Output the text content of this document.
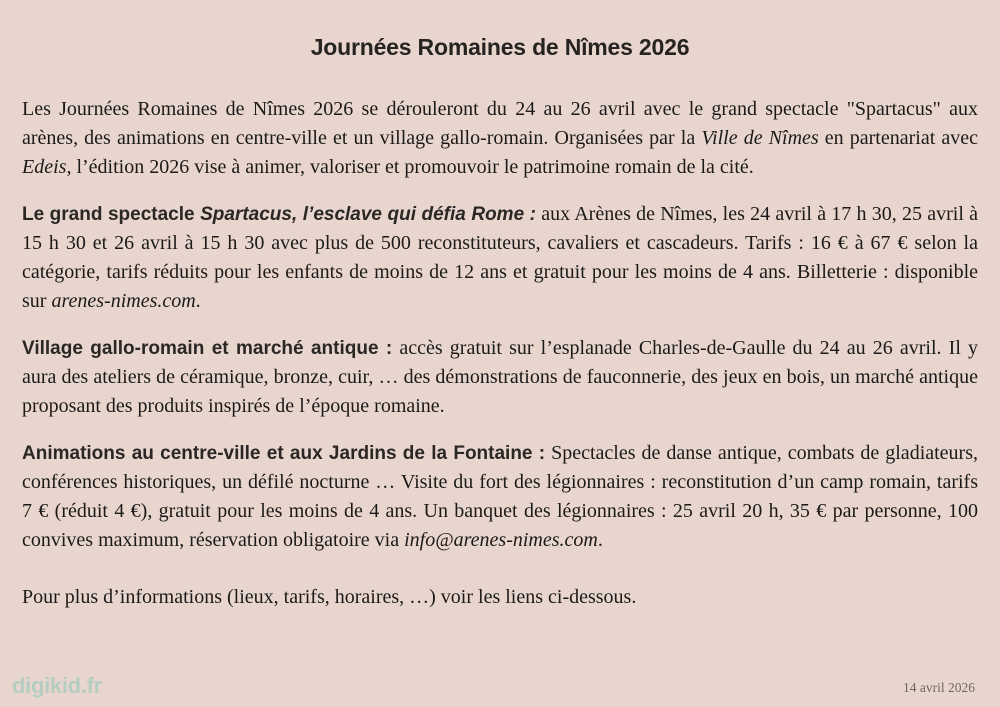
Journées Romaines de Nîmes 2026

Les Journées Romaines de Nîmes 2026 se dérouleront du 24 au 26 avril avec le grand spectacle "Spartacus" aux arènes, des animations en centre-ville et un village gallo-romain. Organisées par la Ville de Nîmes en partenariat avec Edeis, l’édition 2026 vise à animer, valoriser et promouvoir le patrimoine romain de la cité.

Le grand spectacle Spartacus, l’esclave qui défia Rome : aux Arènes de Nîmes, les 24 avril à 17 h 30, 25 avril à 15 h 30 et 26 avril à 15 h 30 avec plus de 500 reconstituteurs, cavaliers et cascadeurs. Tarifs : 16 € à 67 € selon la catégorie, tarifs réduits pour les enfants de moins de 12 ans et gratuit pour les moins de 4 ans. Billetterie : disponible sur arenes-nimes.com.

Village gallo-romain et marché antique : accès gratuit sur l’esplanade Charles-de-Gaulle du 24 au 26 avril. Il y aura des ateliers de céramique, bronze, cuir, … des démonstrations de fauconnerie, des jeux en bois, un marché antique proposant des produits inspirés de l’époque romaine.

Animations au centre-ville et aux Jardins de la Fontaine : Spectacles de danse antique, combats de gladiateurs, conférences historiques, un défilé nocturne … Visite du fort des légionnaires : reconstitution d’un camp romain, tarifs 7 € (réduit 4 €), gratuit pour les moins de 4 ans. Un banquet des légionnaires : 25 avril 20 h, 35 € par personne, 100 convives maximum, réservation obligatoire via info@arenes-nimes.com.

Pour plus d’informations (lieux, tarifs, horaires, …) voir les liens ci-dessous.

digikid.fr	14 avril 2026
